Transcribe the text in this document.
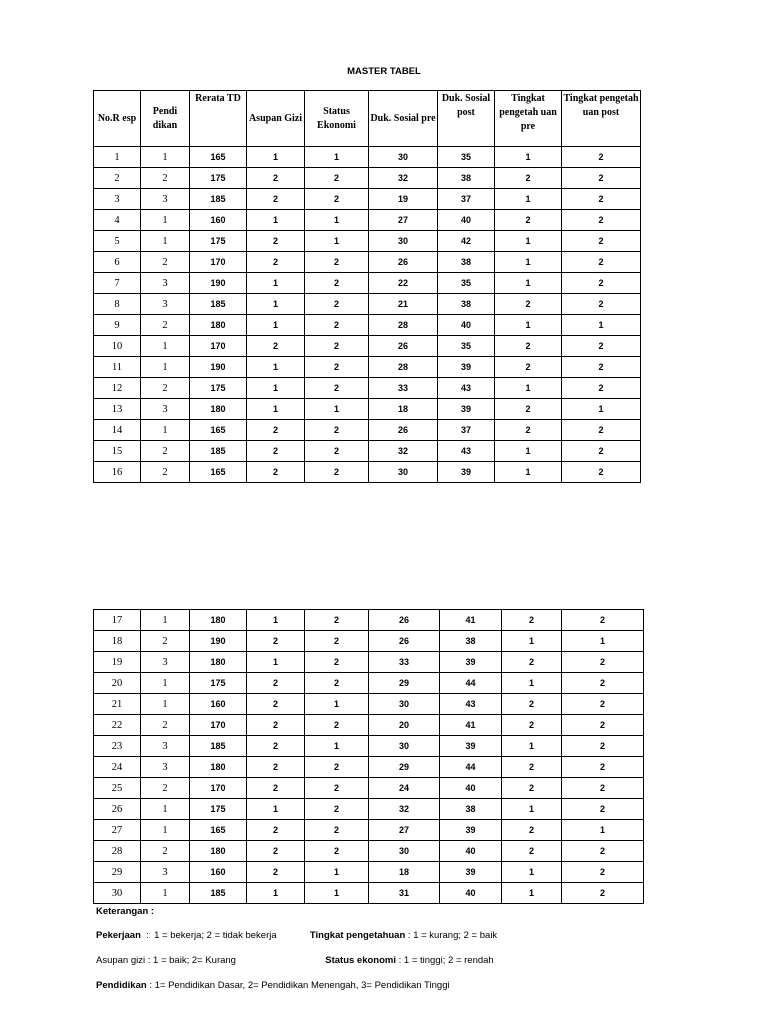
MASTER TABEL
No.R esp	Pendi dikan	Rerata TD	Asupan Gizi	Status Ekonomi	Duk. Sosial pre	Duk. Sosial post	Tingkat pengetah uan pre	Tingkat pengetah uan post
1	1	165	1	1	30	35	1	2
2	2	175	2	2	32	38	2	2
3	3	185	2	2	19	37	1	2
4	1	160	1	1	27	40	2	2
5	1	175	2	1	30	42	1	2
6	2	170	2	2	26	38	1	2
7	3	190	1	2	22	35	1	2
8	3	185	1	2	21	38	2	2
9	2	180	1	2	28	40	1	1
10	1	170	2	2	26	35	2	2
11	1	190	1	2	28	39	2	2
12	2	175	1	2	33	43	1	2
13	3	180	1	1	18	39	2	1
14	1	165	2	2	26	37	2	2
15	2	185	2	2	32	43	1	2
16	2	165	2	2	30	39	1	2
17	1	180	1	2	26	41	2	2
18	2	190	2	2	26	38	1	1
19	3	180	1	2	33	39	2	2
20	1	175	2	2	29	44	1	2
21	1	160	2	1	30	43	2	2
22	2	170	2	2	20	41	2	2
23	3	185	2	1	30	39	1	2
24	3	180	2	2	29	44	2	2
25	2	170	2	2	24	40	2	2
26	1	175	1	2	32	38	1	2
27	1	165	2	2	27	39	2	1
28	2	180	2	2	30	40	2	2
29	3	160	2	1	18	39	1	2
30	1	185	1	1	31	40	1	2
Keterangan :
Pekerjaan  :  1 = bekerja; 2 = tidak bekerja	Tingkat pengetahuan : 1 = kurang; 2 = baik
Asupan gizi : 1 = baik; 2= Kurang	Status ekonomi : 1 = tinggi; 2 = rendah
Pendidikan : 1= Pendidikan Dasar, 2= Pendidikan Menengah, 3= Pendidikan Tinggi
